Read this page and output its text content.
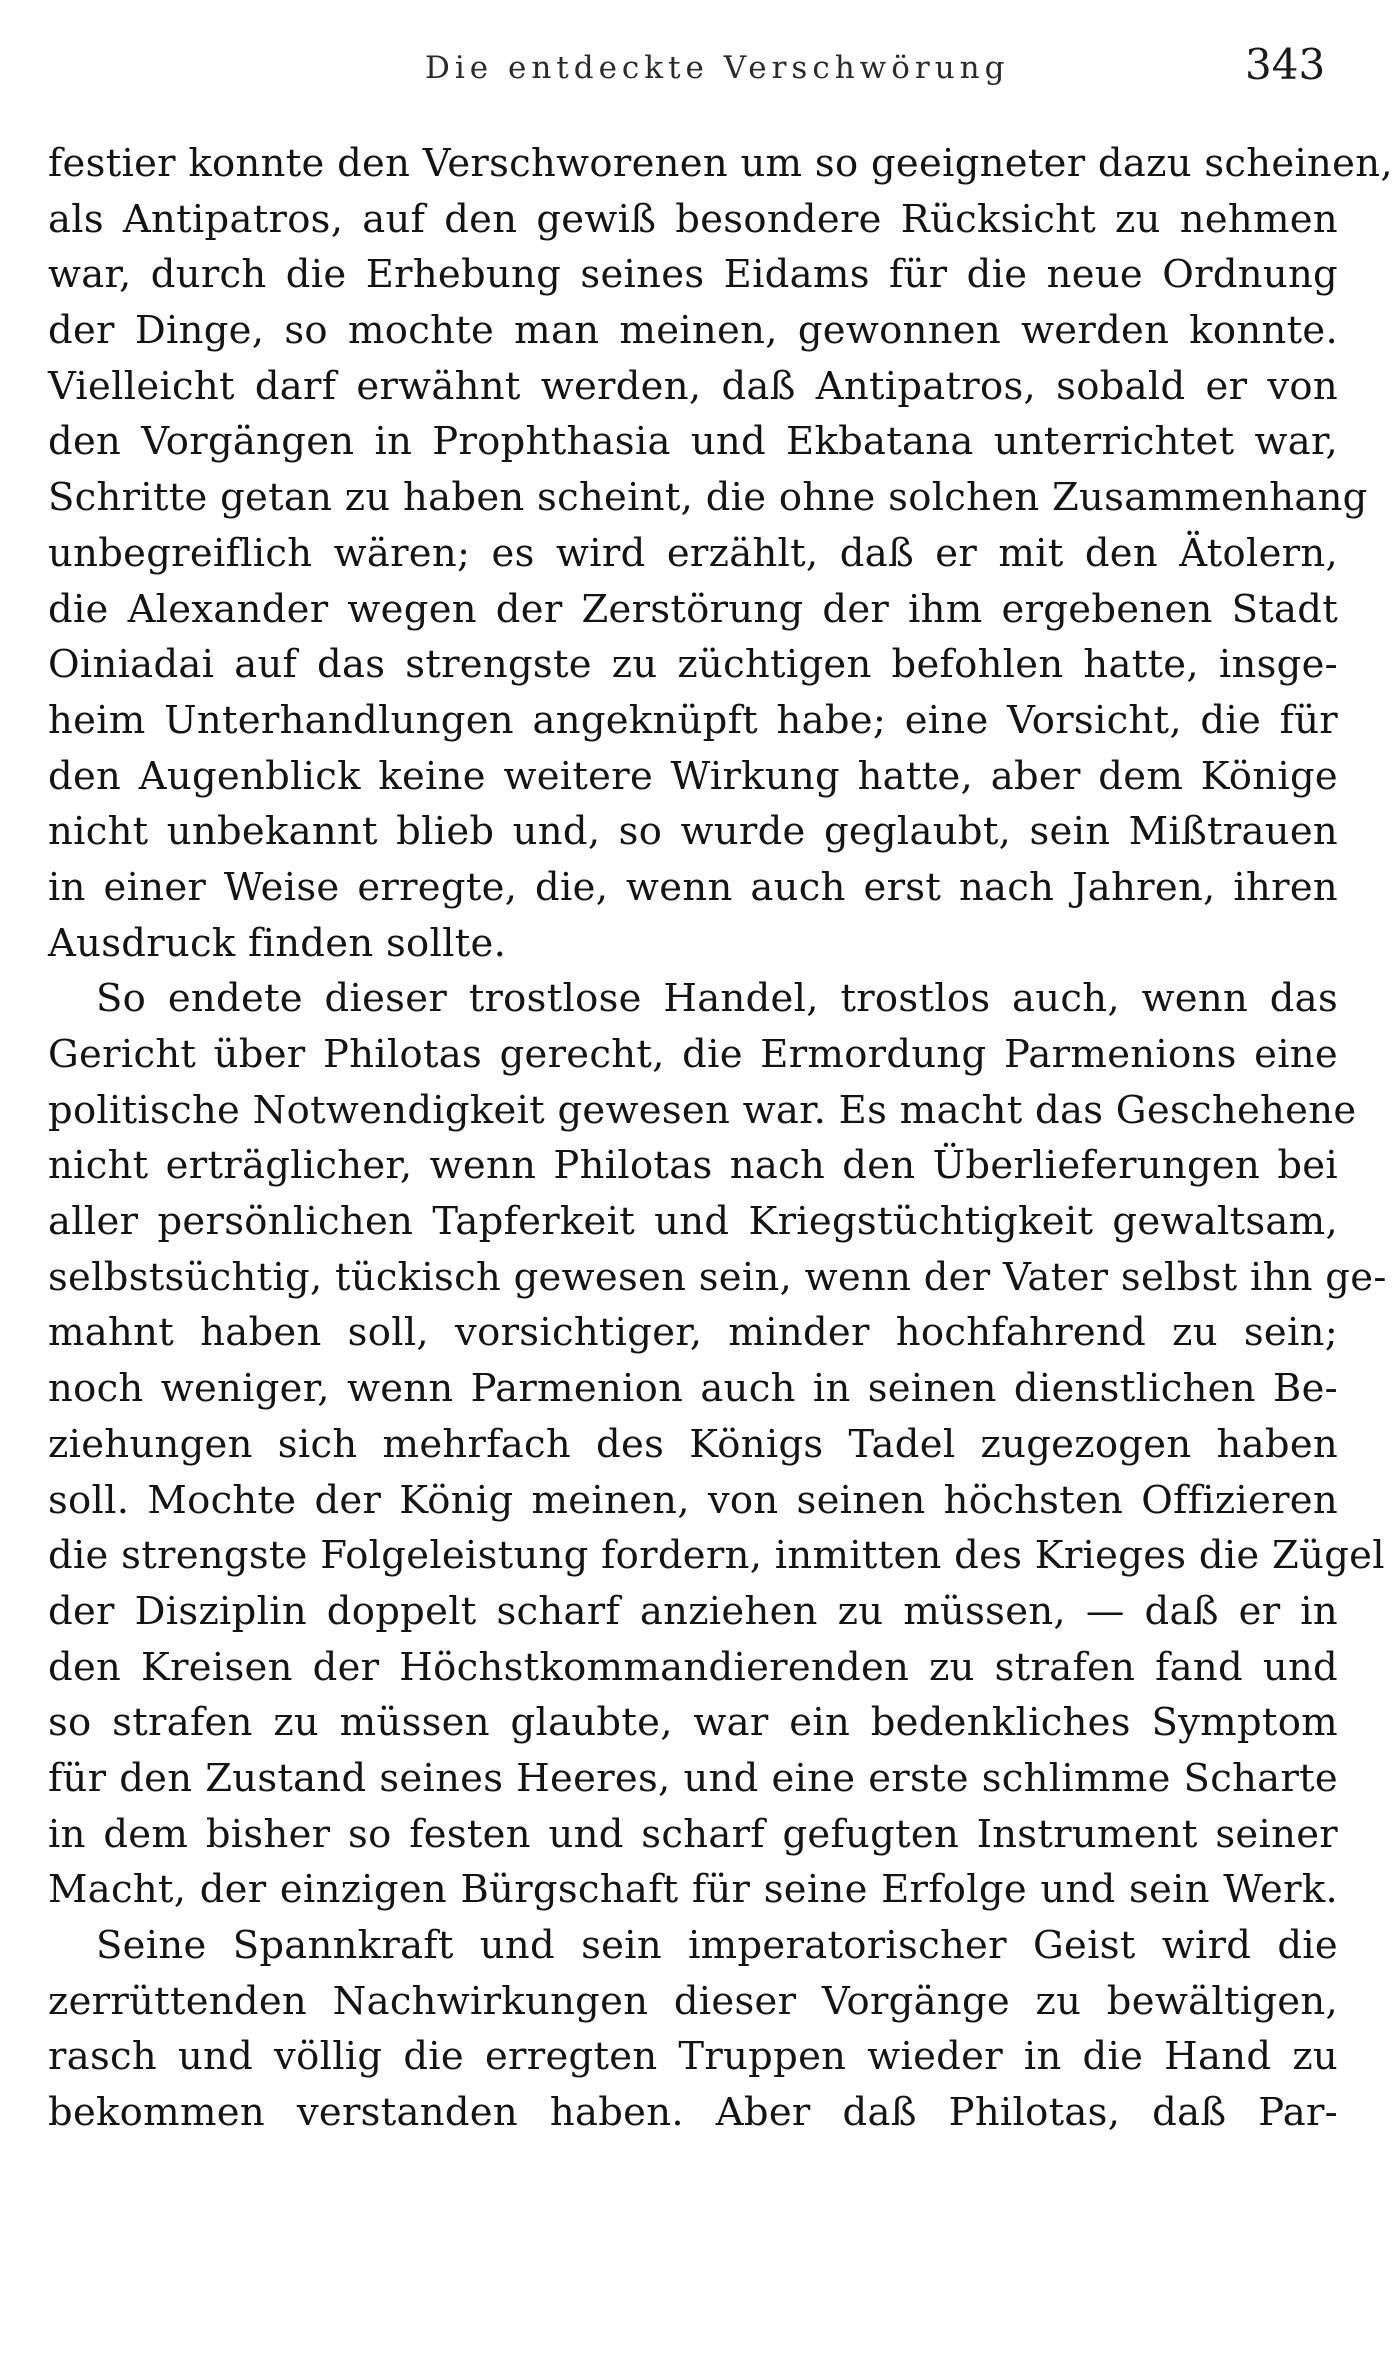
Die entdeckte Verschwörung	343
festier konnte den Verschworenen um so geeigneter dazu scheinen,
als Antipatros, auf den gewiß besondere Rücksicht zu nehmen
war, durch die Erhebung seines Eidams für die neue Ordnung
der Dinge, so mochte man meinen, gewonnen werden konnte.
Vielleicht darf erwähnt werden, daß Antipatros, sobald er von
den Vorgängen in Prophthasia und Ekbatana unterrichtet war,
Schritte getan zu haben scheint, die ohne solchen Zusammenhang
unbegreiflich wären; es wird erzählt, daß er mit den Ätolern,
die Alexander wegen der Zerstörung der ihm ergebenen Stadt
Oiniadai auf das strengste zu züchtigen befohlen hatte, insge-
heim Unterhandlungen angeknüpft habe; eine Vorsicht, die für
den Augenblick keine weitere Wirkung hatte, aber dem Könige
nicht unbekannt blieb und, so wurde geglaubt, sein Mißtrauen
in einer Weise erregte, die, wenn auch erst nach Jahren, ihren
Ausdruck finden sollte.
So endete dieser trostlose Handel, trostlos auch, wenn das
Gericht über Philotas gerecht, die Ermordung Parmenions eine
politische Notwendigkeit gewesen war. Es macht das Geschehene
nicht erträglicher, wenn Philotas nach den Überlieferungen bei
aller persönlichen Tapferkeit und Kriegstüchtigkeit gewaltsam,
selbstsüchtig, tückisch gewesen sein, wenn der Vater selbst ihn ge-
mahnt haben soll, vorsichtiger, minder hochfahrend zu sein;
noch weniger, wenn Parmenion auch in seinen dienstlichen Be-
ziehungen sich mehrfach des Königs Tadel zugezogen haben
soll. Mochte der König meinen, von seinen höchsten Offizieren
die strengste Folgeleistung fordern, inmitten des Krieges die Zügel
der Disziplin doppelt scharf anziehen zu müssen, — daß er in
den Kreisen der Höchstkommandierenden zu strafen fand und
so strafen zu müssen glaubte, war ein bedenkliches Symptom
für den Zustand seines Heeres, und eine erste schlimme Scharte
in dem bisher so festen und scharf gefugten Instrument seiner
Macht, der einzigen Bürgschaft für seine Erfolge und sein Werk.
Seine Spannkraft und sein imperatorischer Geist wird die
zerrüttenden Nachwirkungen dieser Vorgänge zu bewältigen,
rasch und völlig die erregten Truppen wieder in die Hand zu
bekommen verstanden haben. Aber daß Philotas, daß Par-
